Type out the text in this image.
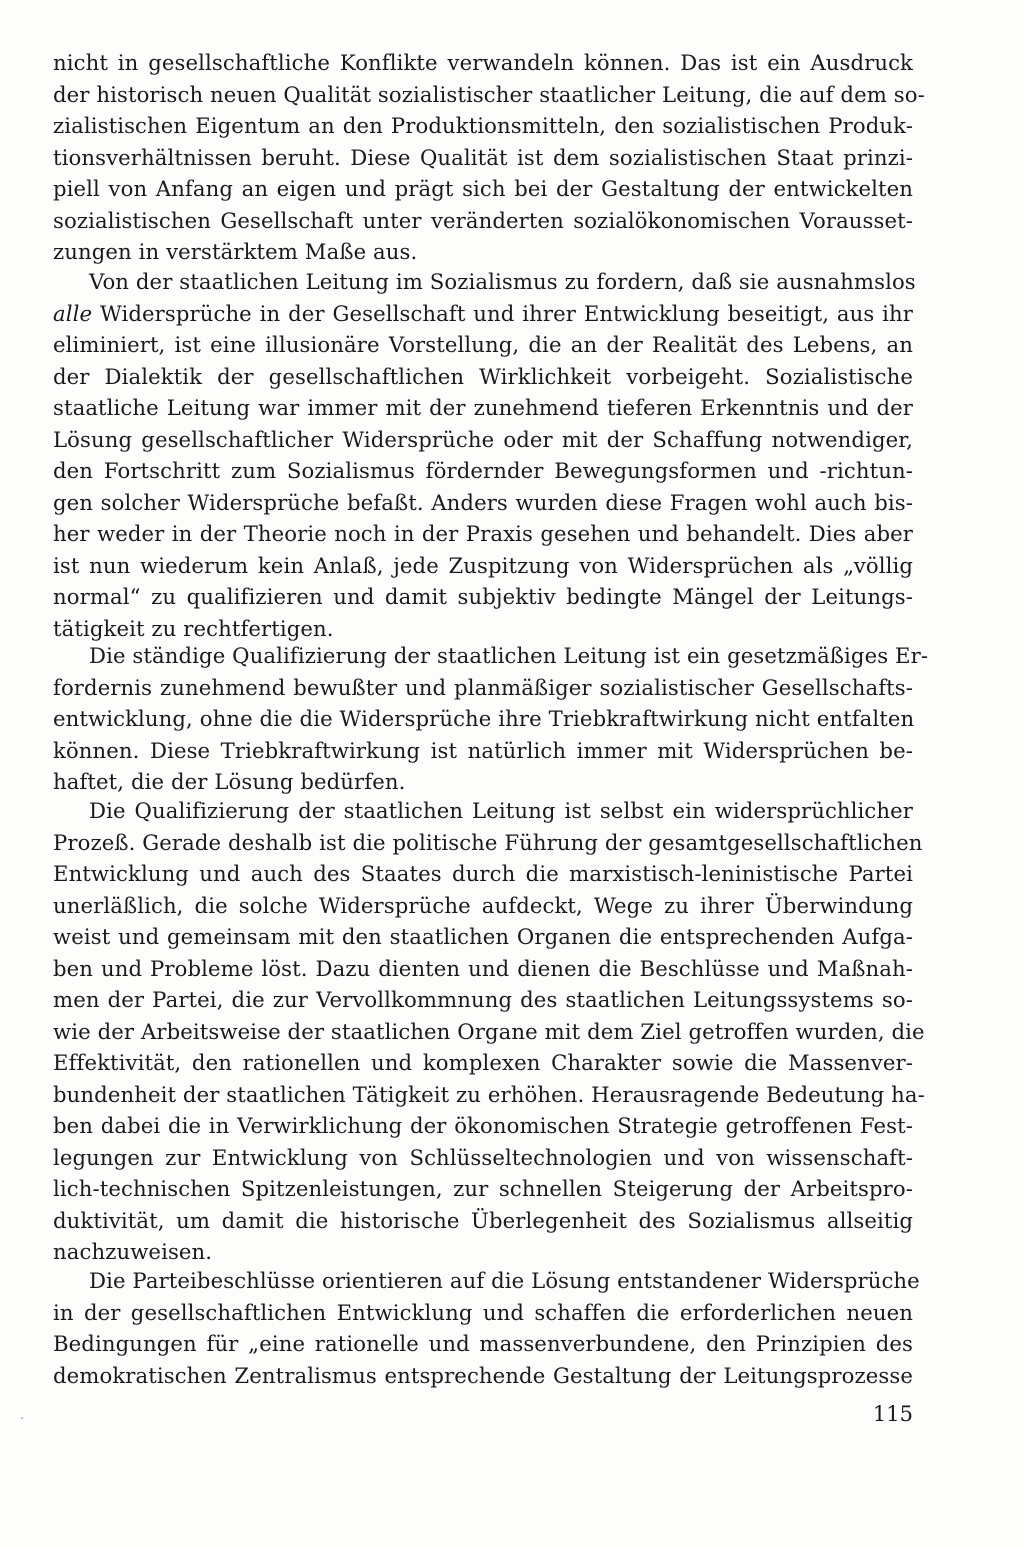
nicht in gesellschaftliche Konflikte verwandeln können. Das ist ein Ausdruck
der historisch neuen Qualität sozialistischer staatlicher Leitung, die auf dem so-
zialistischen Eigentum an den Produktionsmitteln, den sozialistischen Produk-
tionsverhältnissen beruht. Diese Qualität ist dem sozialistischen Staat prinzi-
piell von Anfang an eigen und prägt sich bei der Gestaltung der entwickelten
sozialistischen Gesellschaft unter veränderten sozialökonomischen Vorausset-
zungen in verstärktem Maße aus.
Von der staatlichen Leitung im Sozialismus zu fordern, daß sie ausnahmslos
alle Widersprüche in der Gesellschaft und ihrer Entwicklung beseitigt, aus ihr
eliminiert, ist eine illusionäre Vorstellung, die an der Realität des Lebens, an
der Dialektik der gesellschaftlichen Wirklichkeit vorbeigeht. Sozialistische
staatliche Leitung war immer mit der zunehmend tieferen Erkenntnis und der
Lösung gesellschaftlicher Widersprüche oder mit der Schaffung notwendiger,
den Fortschritt zum Sozialismus fördernder Bewegungsformen und -richtun-
gen solcher Widersprüche befaßt. Anders wurden diese Fragen wohl auch bis-
her weder in der Theorie noch in der Praxis gesehen und behandelt. Dies aber
ist nun wiederum kein Anlaß, jede Zuspitzung von Widersprüchen als „völlig
normal“ zu qualifizieren und damit subjektiv bedingte Mängel der Leitungs-
tätigkeit zu rechtfertigen.
Die ständige Qualifizierung der staatlichen Leitung ist ein gesetzmäßiges Er-
fordernis zunehmend bewußter und planmäßiger sozialistischer Gesellschafts-
entwicklung, ohne die die Widersprüche ihre Triebkraftwirkung nicht entfalten
können. Diese Triebkraftwirkung ist natürlich immer mit Widersprüchen be-
haftet, die der Lösung bedürfen.
Die Qualifizierung der staatlichen Leitung ist selbst ein widersprüchlicher
Prozeß. Gerade deshalb ist die politische Führung der gesamtgesellschaftlichen
Entwicklung und auch des Staates durch die marxistisch-leninistische Partei
unerläßlich, die solche Widersprüche aufdeckt, Wege zu ihrer Überwindung
weist und gemeinsam mit den staatlichen Organen die entsprechenden Aufga-
ben und Probleme löst. Dazu dienten und dienen die Beschlüsse und Maßnah-
men der Partei, die zur Vervollkommnung des staatlichen Leitungssystems so-
wie der Arbeitsweise der staatlichen Organe mit dem Ziel getroffen wurden, die
Effektivität, den rationellen und komplexen Charakter sowie die Massenver-
bundenheit der staatlichen Tätigkeit zu erhöhen. Herausragende Bedeutung ha-
ben dabei die in Verwirklichung der ökonomischen Strategie getroffenen Fest-
legungen zur Entwicklung von Schlüsseltechnologien und von wissenschaft-
lich-technischen Spitzenleistungen, zur schnellen Steigerung der Arbeitspro-
duktivität, um damit die historische Überlegenheit des Sozialismus allseitig
nachzuweisen.
Die Parteibeschlüsse orientieren auf die Lösung entstandener Widersprüche
in der gesellschaftlichen Entwicklung und schaffen die erforderlichen neuen
Bedingungen für „eine rationelle und massenverbundene, den Prinzipien des
demokratischen Zentralismus entsprechende Gestaltung der Leitungsprozesse
115
